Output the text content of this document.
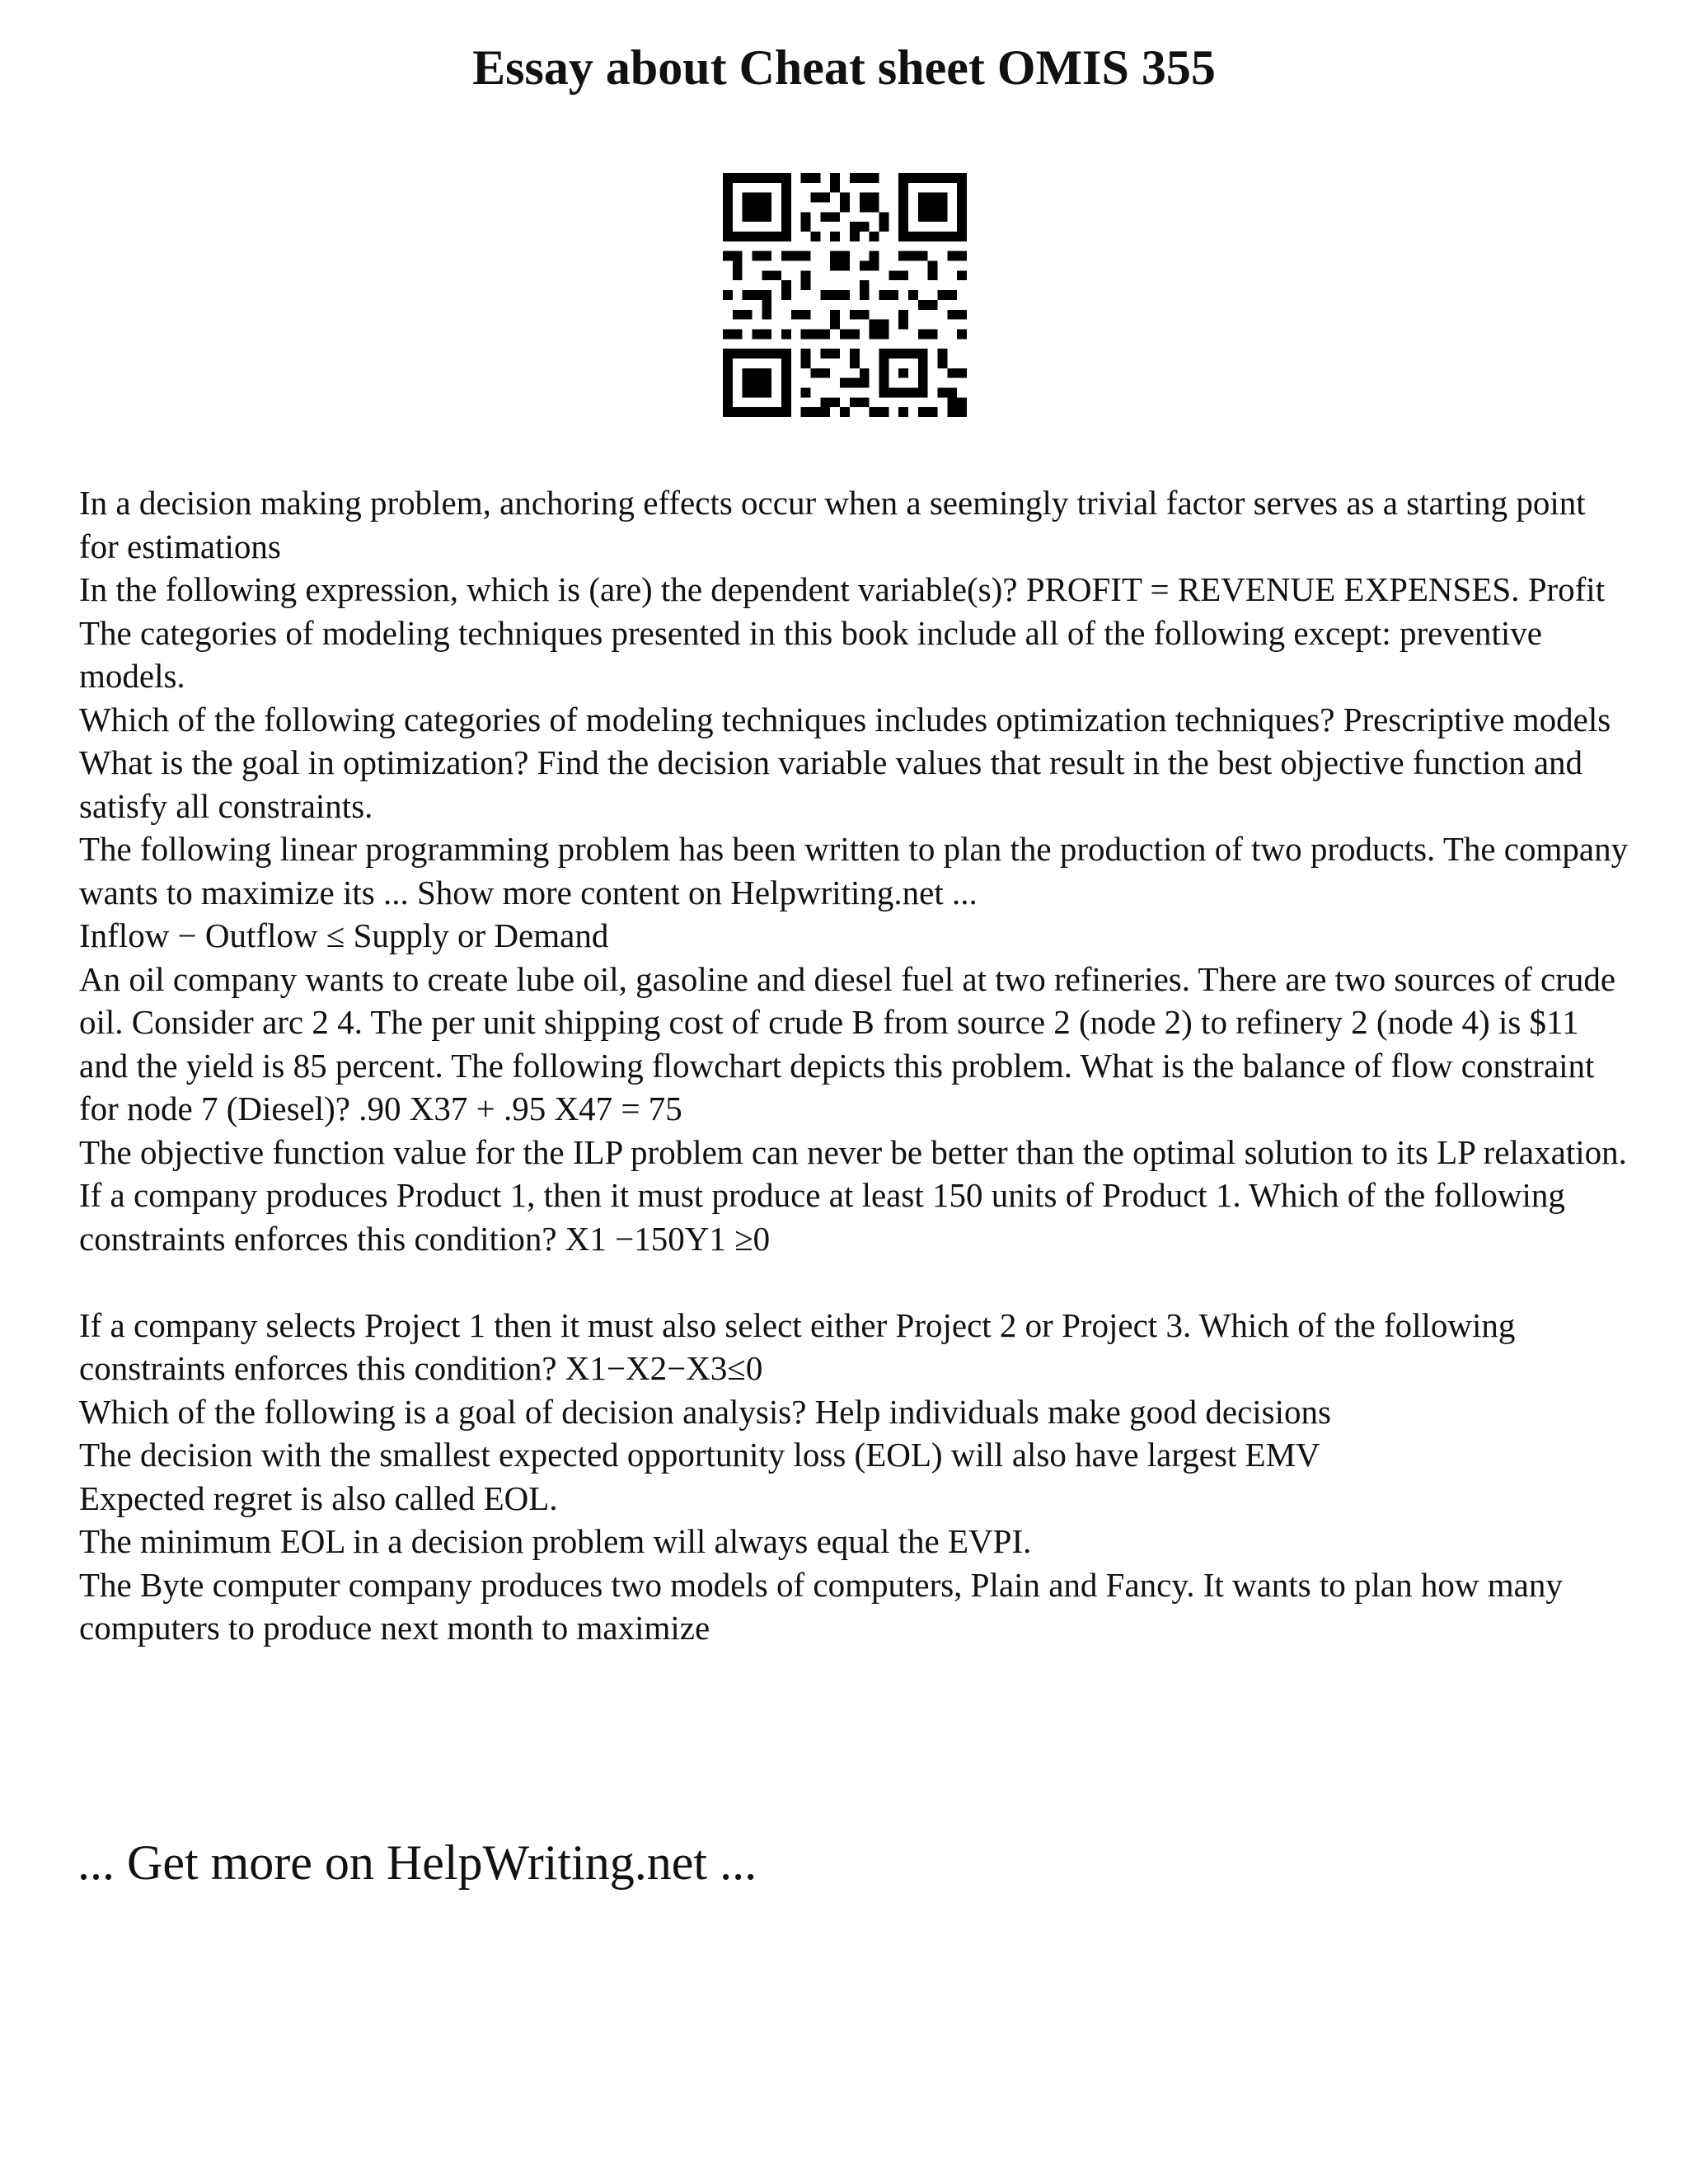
Essay about Cheat sheet OMIS 355

In a decision making problem, anchoring effects occur when a seemingly trivial factor serves as a starting point for estimations

In the following expression, which is (are) the dependent variable(s)? PROFIT = REVENUE EXPENSES. Profit

The categories of modeling techniques presented in this book include all of the following except: preventive models.

Which of the following categories of modeling techniques includes optimization techniques? Prescriptive models

What is the goal in optimization? Find the decision variable values that result in the best objective function and satisfy all constraints.

The following linear programming problem has been written to plan the production of two products. The company wants to maximize its ... Show more content on Helpwriting.net ...

Inflow − Outflow ≤ Supply or Demand

An oil company wants to create lube oil, gasoline and diesel fuel at two refineries. There are two sources of crude oil. Consider arc 2 4. The per unit shipping cost of crude B from source 2 (node 2) to refinery 2 (node 4) is $11 and the yield is 85 percent. The following flowchart depicts this problem. What is the balance of flow constraint for node 7 (Diesel)? .90 X37 + .95 X47 = 75

The objective function value for the ILP problem can never be better than the optimal solution to its LP relaxation.

If a company produces Product 1, then it must produce at least 150 units of Product 1. Which of the following constraints enforces this condition? X1 −150Y1 ≥0

If a company selects Project 1 then it must also select either Project 2 or Project 3. Which of the following constraints enforces this condition? X1−X2−X3≤0

Which of the following is a goal of decision analysis? Help individuals make good decisions

The decision with the smallest expected opportunity loss (EOL) will also have largest EMV

Expected regret is also called EOL.

The minimum EOL in a decision problem will always equal the EVPI.

The Byte computer company produces two models of computers, Plain and Fancy. It wants to plan how many computers to produce next month to maximize

... Get more on HelpWriting.net ...
